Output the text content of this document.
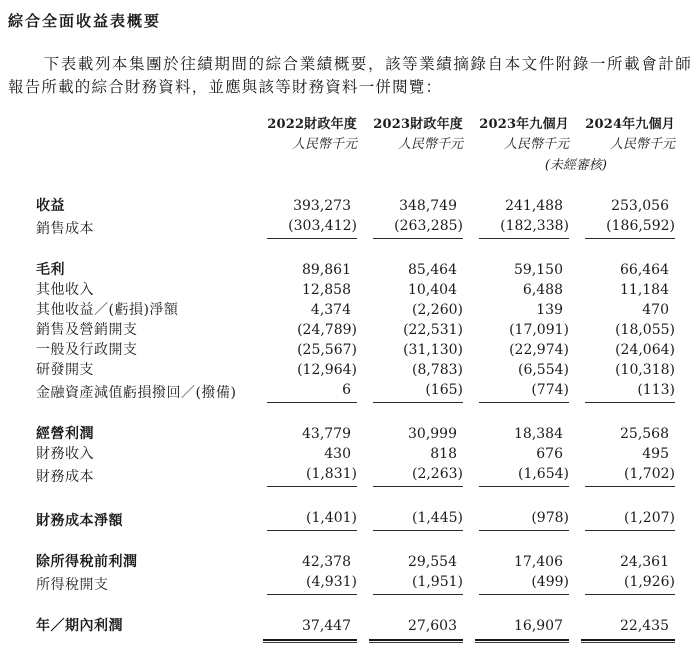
綜合全面收益表概要

下表載列本集團於往績期間的綜合業績概要，該等業績摘錄自本文件附錄一所載會計師報告所載的綜合財務資料，並應與該等財務資料一併閱覽：

2022財政年度	2023財政年度	2023年九個月	2024年九個月
人民幣千元	人民幣千元	人民幣千元	人民幣千元
(未經審核)
收益	393,273	348,749	241,488	253,056
銷售成本	(303,412)	(263,285)	(182,338)	(186,592)
毛利	89,861	85,464	59,150	66,464
其他收入	12,858	10,404	6,488	11,184
其他收益／(虧損)淨額	4,374	(2,260)	139	470
銷售及營銷開支	(24,789)	(22,531)	(17,091)	(18,055)
一般及行政開支	(25,567)	(31,130)	(22,974)	(24,064)
研發開支	(12,964)	(8,783)	(6,554)	(10,318)
金融資產減值虧損撥回／(撥備)	6	(165)	(774)	(113)
經營利潤	43,779	30,999	18,384	25,568
財務收入	430	818	676	495
財務成本	(1,831)	(2,263)	(1,654)	(1,702)
財務成本淨額	(1,401)	(1,445)	(978)	(1,207)
除所得稅前利潤	42,378	29,554	17,406	24,361
所得稅開支	(4,931)	(1,951)	(499)	(1,926)
年／期內利潤	37,447	27,603	16,907	22,435
